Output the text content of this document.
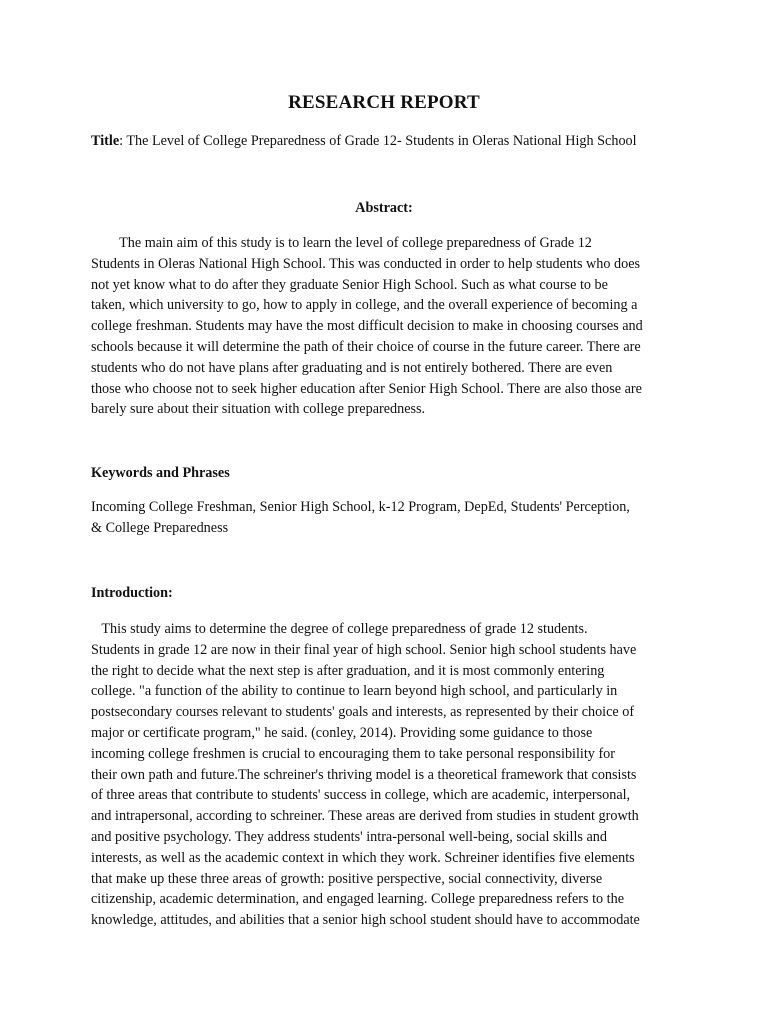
RESEARCH REPORT
Title: The Level of College Preparedness of Grade 12- Students in Oleras National High School
Abstract:
The main aim of this study is to learn the level of college preparedness of Grade 12
Students in Oleras National High School. This was conducted in order to help students who does
not yet know what to do after they graduate Senior High School. Such as what course to be
taken, which university to go, how to apply in college, and the overall experience of becoming a
college freshman. Students may have the most difficult decision to make in choosing courses and
schools because it will determine the path of their choice of course in the future career. There are
students who do not have plans after graduating and is not entirely bothered. There are even
those who choose not to seek higher education after Senior High School. There are also those are
barely sure about their situation with college preparedness.
Keywords and Phrases
Incoming College Freshman, Senior High School, k-12 Program, DepEd, Students' Perception,
& College Preparedness
Introduction:
This study aims to determine the degree of college preparedness of grade 12 students.
Students in grade 12 are now in their final year of high school. Senior high school students have
the right to decide what the next step is after graduation, and it is most commonly entering
college. "a function of the ability to continue to learn beyond high school, and particularly in
postsecondary courses relevant to students' goals and interests, as represented by their choice of
major or certificate program," he said. (conley, 2014). Providing some guidance to those
incoming college freshmen is crucial to encouraging them to take personal responsibility for
their own path and future.The schreiner's thriving model is a theoretical framework that consists
of three areas that contribute to students' success in college, which are academic, interpersonal,
and intrapersonal, according to schreiner. These areas are derived from studies in student growth
and positive psychology. They address students' intra-personal well-being, social skills and
interests, as well as the academic context in which they work. Schreiner identifies five elements
that make up these three areas of growth: positive perspective, social connectivity, diverse
citizenship, academic determination, and engaged learning. College preparedness refers to the
knowledge, attitudes, and abilities that a senior high school student should have to accommodate
